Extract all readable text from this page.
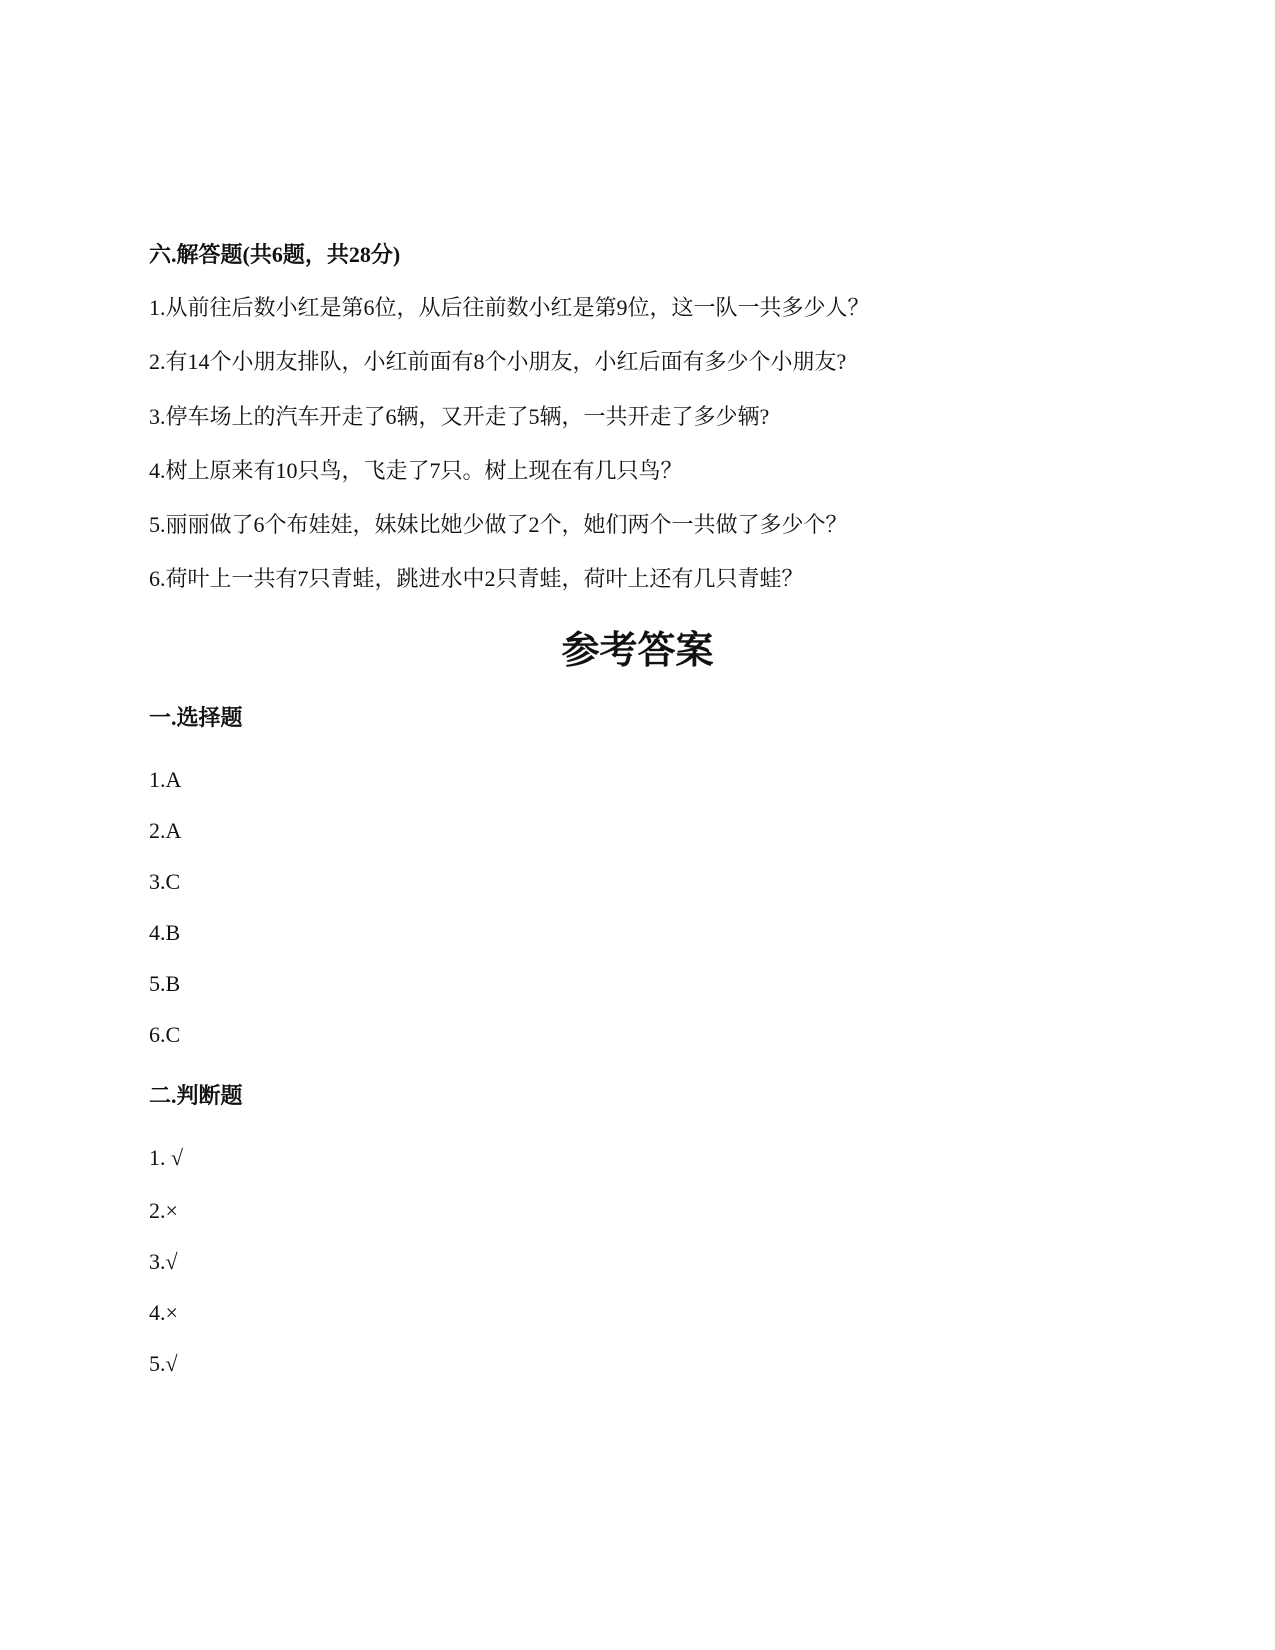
六.解答题(共6题，共28分)
1.从前往后数小红是第6位，从后往前数小红是第9位，这一队一共多少人？
2.有14个小朋友排队，小红前面有8个小朋友，小红后面有多少个小朋友?
3.停车场上的汽车开走了6辆，又开走了5辆，一共开走了多少辆?
4.树上原来有10只鸟，飞走了7只。树上现在有几只鸟？
5.丽丽做了6个布娃娃，妹妹比她少做了2个，她们两个一共做了多少个？
6.荷叶上一共有7只青蛙，跳进水中2只青蛙，荷叶上还有几只青蛙？
参考答案
一.选择题
1.A
2.A
3.C
4.B
5.B
6.C
二.判断题
1. √
2.×
3.√
4.×
5.√
